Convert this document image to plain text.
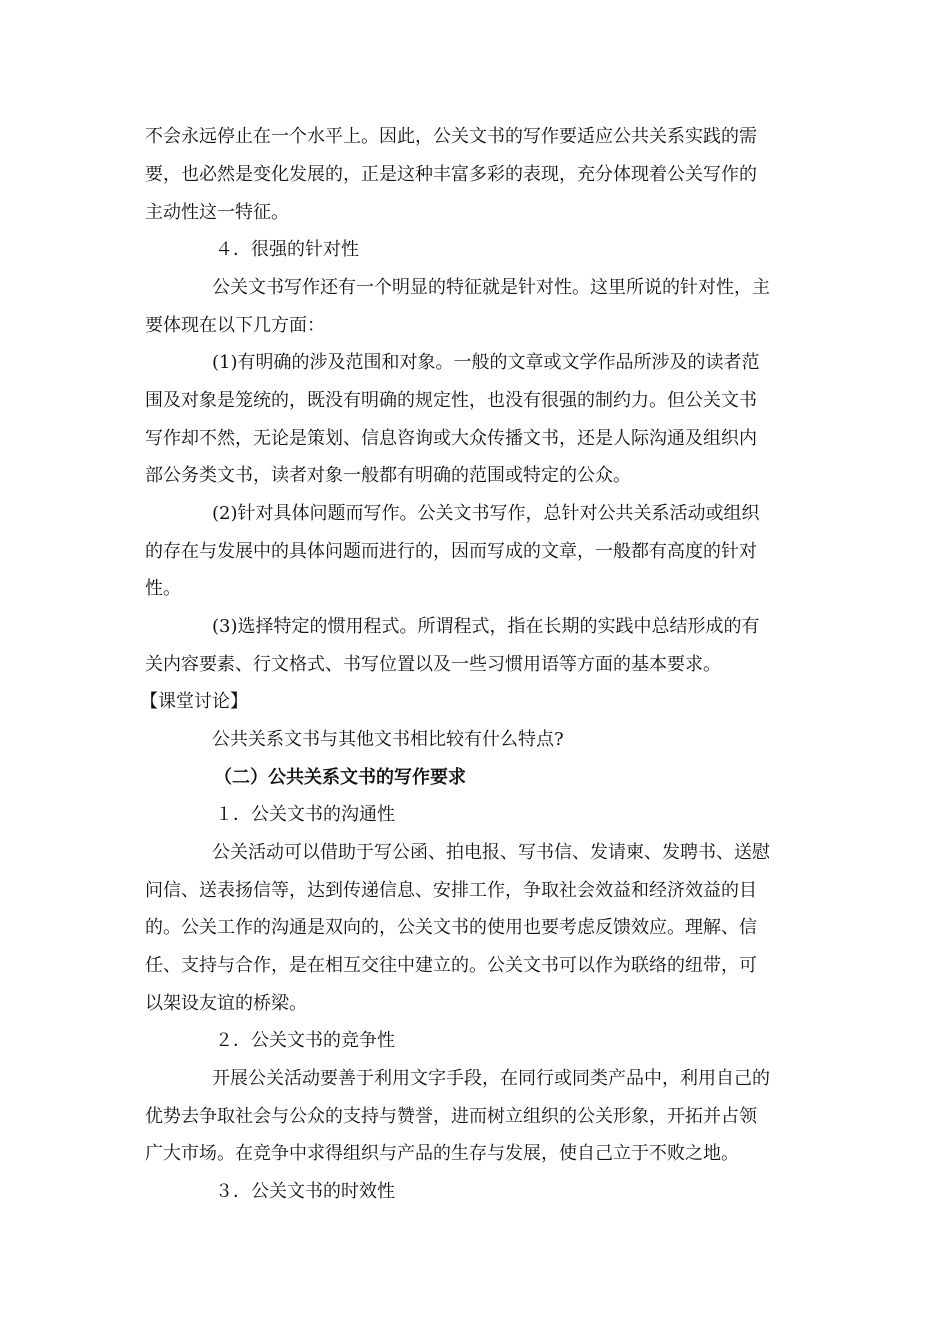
不会永远停止在一个水平上。因此，公关文书的写作要适应公共关系实践的需
要，也必然是变化发展的，正是这种丰富多彩的表现，充分体现着公关写作的
主动性这一特征。
４．很强的针对性
公关文书写作还有一个明显的特征就是针对性。这里所说的针对性，主
要体现在以下几方面：
(1)有明确的涉及范围和对象。一般的文章或文学作品所涉及的读者范
围及对象是笼统的，既没有明确的规定性，也没有很强的制约力。但公关文书
写作却不然，无论是策划、信息咨询或大众传播文书，还是人际沟通及组织内
部公务类文书，读者对象一般都有明确的范围或特定的公众。
(2)针对具体问题而写作。公关文书写作，总针对公共关系活动或组织
的存在与发展中的具体问题而进行的，因而写成的文章，一般都有高度的针对
性。
(3)选择特定的惯用程式。所谓程式，指在长期的实践中总结形成的有
关内容要素、行文格式、书写位置以及一些习惯用语等方面的基本要求。
【课堂讨论】
公共关系文书与其他文书相比较有什么特点?
（二）公共关系文书的写作要求
１．公关文书的沟通性
公关活动可以借助于写公函、拍电报、写书信、发请柬、发聘书、送慰
问信、送表扬信等，达到传递信息、安排工作，争取社会效益和经济效益的目
的。公关工作的沟通是双向的，公关文书的使用也要考虑反馈效应。理解、信
任、支持与合作，是在相互交往中建立的。公关文书可以作为联络的纽带，可
以架设友谊的桥梁。
２．公关文书的竞争性
开展公关活动要善于利用文字手段，在同行或同类产品中，利用自己的
优势去争取社会与公众的支持与赞誉，进而树立组织的公关形象，开拓并占领
广大市场。在竞争中求得组织与产品的生存与发展，使自己立于不败之地。
３．公关文书的时效性
